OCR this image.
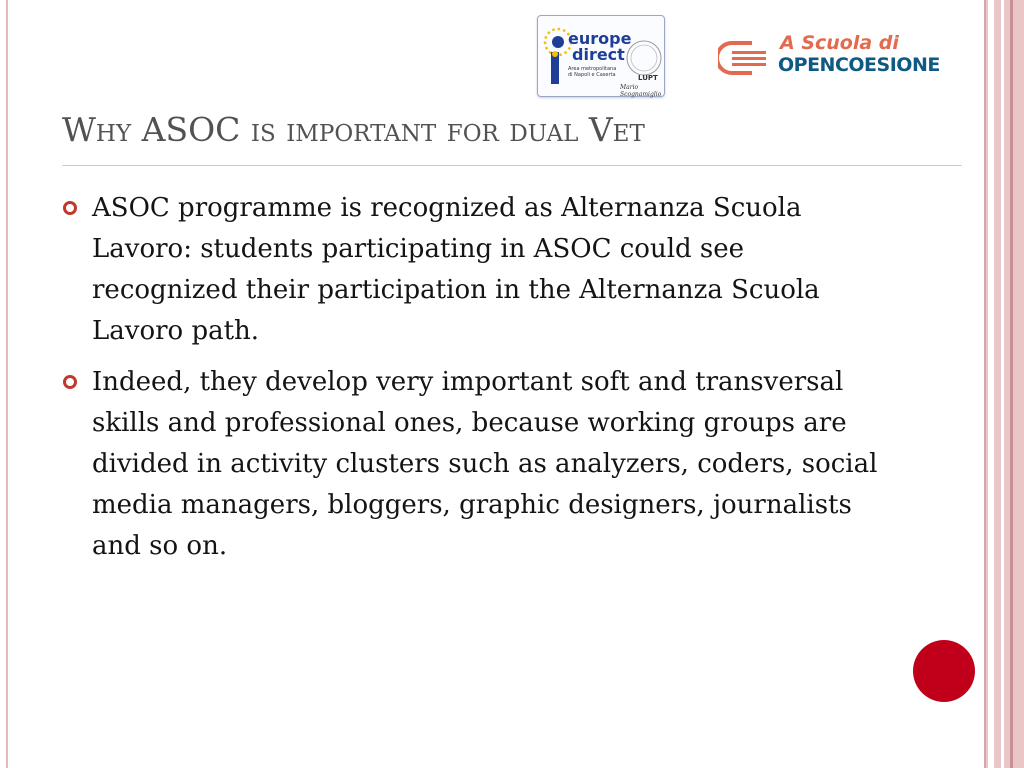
europe
direct
Area metropolitana di Napoli e Caserta	LUPT
Mario Scognamiglio
A Scuola di
OPENCOESIONE
Why ASOC is important for dual Vet
ASOC programme is recognized as Alternanza Scuola Lavoro: students participating in ASOC could see recognized their participation in the Alternanza Scuola Lavoro path.
Indeed, they develop very important soft and transversal skills and professional ones, because working groups are divided in activity clusters such as analyzers, coders, social media managers, bloggers, graphic designers, journalists and so on.
